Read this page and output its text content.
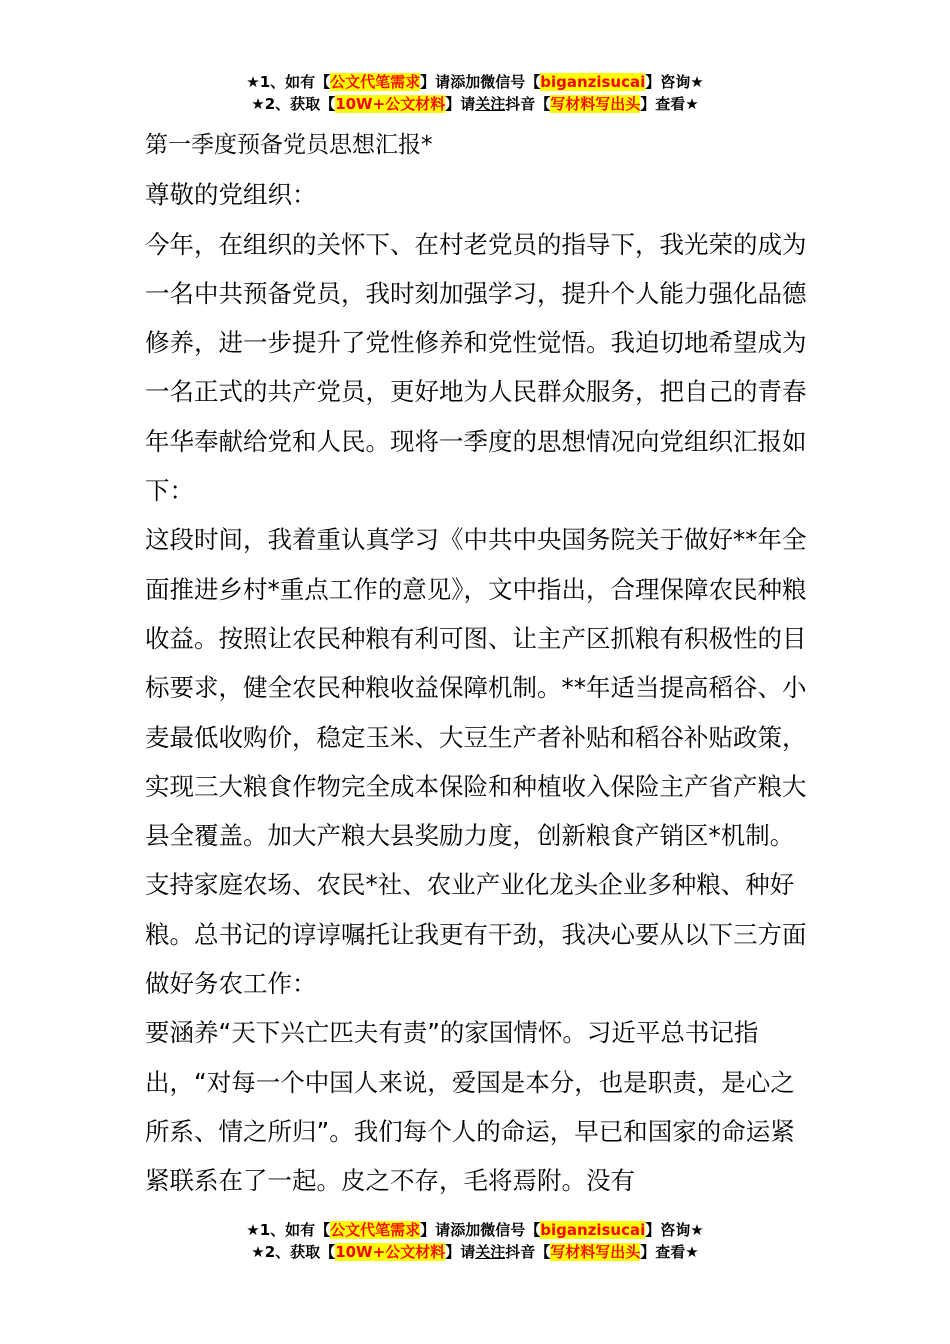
★1、如有【公文代笔需求】请添加微信号【biganzisucai】咨询★
★2、获取【10W+公文材料】请关注抖音【写材料写出头】查看★

第一季度预备党员思想汇报*

尊敬的党组织：

今年，在组织的关怀下、在村老党员的指导下，我光荣的成为一名中共预备党员，我时刻加强学习，提升个人能力强化品德修养，进一步提升了党性修养和党性觉悟。我迫切地希望成为一名正式的共产党员，更好地为人民群众服务，把自己的青春年华奉献给党和人民。现将一季度的思想情况向党组织汇报如下：

这段时间，我着重认真学习《中共中央国务院关于做好**年全面推进乡村*重点工作的意见》，文中指出，合理保障农民种粮收益。按照让农民种粮有利可图、让主产区抓粮有积极性的目标要求，健全农民种粮收益保障机制。**年适当提高稻谷、小麦最低收购价，稳定玉米、大豆生产者补贴和稻谷补贴政策，实现三大粮食作物完全成本保险和种植收入保险主产省产粮大县全覆盖。加大产粮大县奖励力度，创新粮食产销区*机制。支持家庭农场、农民*社、农业产业化龙头企业多种粮、种好粮。总书记的谆谆嘱托让我更有干劲，我决心要从以下三方面做好务农工作：

要涵养“天下兴亡匹夫有责”的家国情怀。习近平总书记指出，“对每一个中国人来说，爱国是本分，也是职责，是心之所系、情之所归”。我们每个人的命运，早已和国家的命运紧紧联系在了一起。皮之不存，毛将焉附。没有

★1、如有【公文代笔需求】请添加微信号【biganzisucai】咨询★
★2、获取【10W+公文材料】请关注抖音【写材料写出头】查看★
